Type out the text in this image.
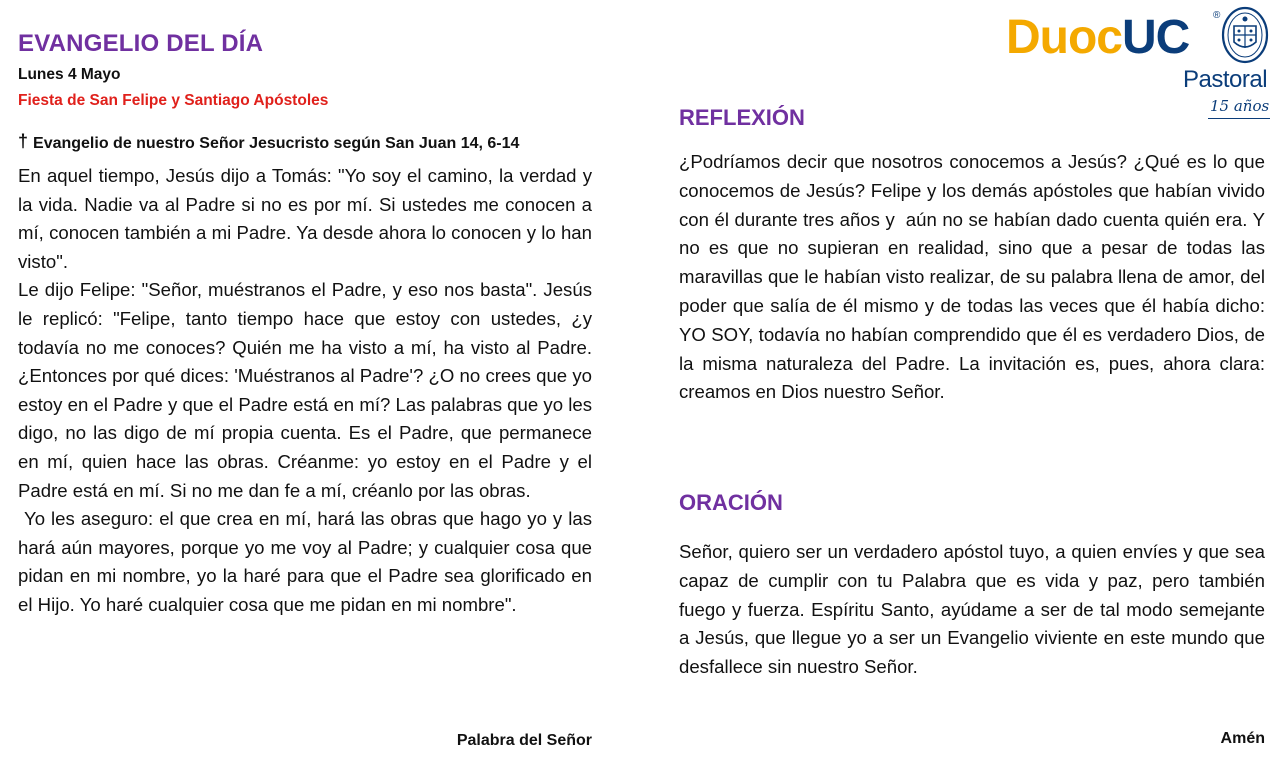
EVANGELIO DEL DÍA
Lunes 4 Mayo
Fiesta de San Felipe y Santiago Apóstoles
† Evangelio de nuestro Señor Jesucristo según San Juan 14, 6-14

En aquel tiempo, Jesús dijo a Tomás: "Yo soy el camino, la verdad y la vida. Nadie va al Padre si no es por mí. Si ustedes me conocen a mí, conocen también a mi Padre. Ya desde ahora lo conocen y lo han visto".

Le dijo Felipe: "Señor, muéstranos el Padre, y eso nos basta". Jesús le replicó: "Felipe, tanto tiempo hace que estoy con ustedes, ¿y todavía no me conoces? Quién me ha visto a mí, ha visto al Padre. ¿Entonces por qué dices: 'Muéstranos al Padre'? ¿O no crees que yo estoy en el Padre y que el Padre está en mí? Las palabras que yo les digo, no las digo de mí propia cuenta. Es el Padre, que permanece en mí, quien hace las obras. Créanme: yo estoy en el Padre y el Padre está en mí. Si no me dan fe a mí, créanlo por las obras.

Yo les aseguro: el que crea en mí, hará las obras que hago yo y las hará aún mayores, porque yo me voy al Padre; y cualquier cosa que pidan en mi nombre, yo la haré para que el Padre sea glorificado en el Hijo. Yo haré cualquier cosa que me pidan en mi nombre".

Palabra del Señor
DuocUC ®
Pastoral
15 años
REFLEXIÓN

¿Podríamos decir que nosotros conocemos a Jesús? ¿Qué es lo que conocemos de Jesús? Felipe y los demás apóstoles que habían vivido con él durante tres años y  aún no se habían dado cuenta quién era. Y no es que no supieran en realidad, sino que a pesar de todas las maravillas que le habían visto realizar, de su palabra llena de amor, del poder que salía de él mismo y de todas las veces que él había dicho: YO SOY, todavía no habían comprendido que él es verdadero Dios, de la misma naturaleza del Padre. La invitación es, pues, ahora clara: creamos en Dios nuestro Señor.

ORACIÓN

Señor, quiero ser un verdadero apóstol tuyo, a quien envíes y que sea capaz de cumplir con tu Palabra que es vida y paz, pero también fuego y fuerza. Espíritu Santo, ayúdame a ser de tal modo semejante a Jesús, que llegue yo a ser un Evangelio viviente en este mundo que desfallece sin nuestro Señor.

Amén
